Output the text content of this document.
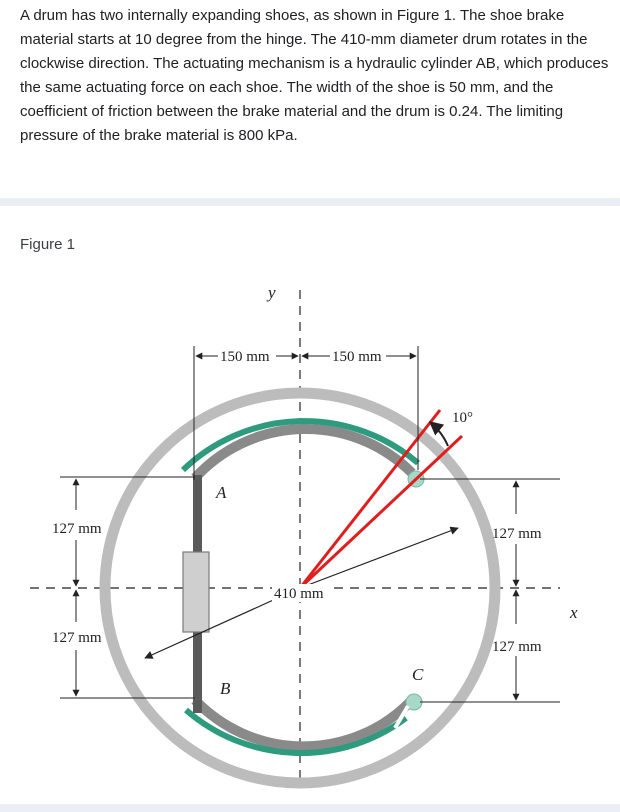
A drum has two internally expanding shoes, as shown in Figure 1. The shoe brake material starts at 10 degree from the hinge. The 410-mm diameter drum rotates in the clockwise direction. The actuating mechanism is a hydraulic cylinder AB, which produces the same actuating force on each shoe. The width of the shoe is 50 mm, and the coefficient of friction between the brake material and the drum is 0.24. The limiting pressure of the brake material is 800 kPa.

Figure 1

10°
410 mm
y
x
150 mm	150 mm
127 mm
127 mm
127 mm
127 mm
A
B
C
